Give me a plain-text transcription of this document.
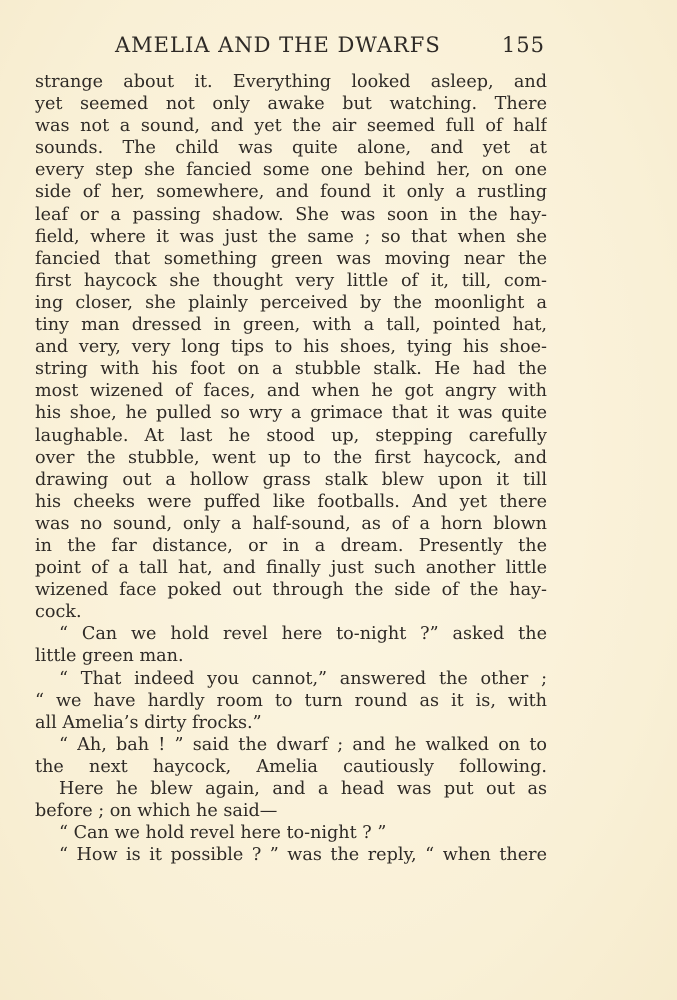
AMELIA AND THE DWARFS	155
strange about it. Everything looked asleep, and
yet seemed not only awake but watching. There
was not a sound, and yet the air seemed full of half
sounds. The child was quite alone, and yet at
every step she fancied some one behind her, on one
side of her, somewhere, and found it only a rustling
leaf or a passing shadow. She was soon in the hay-
field, where it was just the same ; so that when she
fancied that something green was moving near the
first haycock she thought very little of it, till, com-
ing closer, she plainly perceived by the moonlight a
tiny man dressed in green, with a tall, pointed hat,
and very, very long tips to his shoes, tying his shoe-
string with his foot on a stubble stalk. He had the
most wizened of faces, and when he got angry with
his shoe, he pulled so wry a grimace that it was quite
laughable. At last he stood up, stepping carefully
over the stubble, went up to the first haycock, and
drawing out a hollow grass stalk blew upon it till
his cheeks were puffed like footballs. And yet there
was no sound, only a half-sound, as of a horn blown
in the far distance, or in a dream. Presently the
point of a tall hat, and finally just such another little
wizened face poked out through the side of the hay-
cock.
“ Can we hold revel here to-night ?” asked the
little green man.
“ That indeed you cannot,” answered the other ;
“ we have hardly room to turn round as it is, with
all Amelia’s dirty frocks.”
“ Ah, bah ! ” said the dwarf ; and he walked on to
the next haycock, Amelia cautiously following.
Here he blew again, and a head was put out as
before ; on which he said—
“ Can we hold revel here to-night ? ”
“ How is it possible ? ” was the reply, “ when there
